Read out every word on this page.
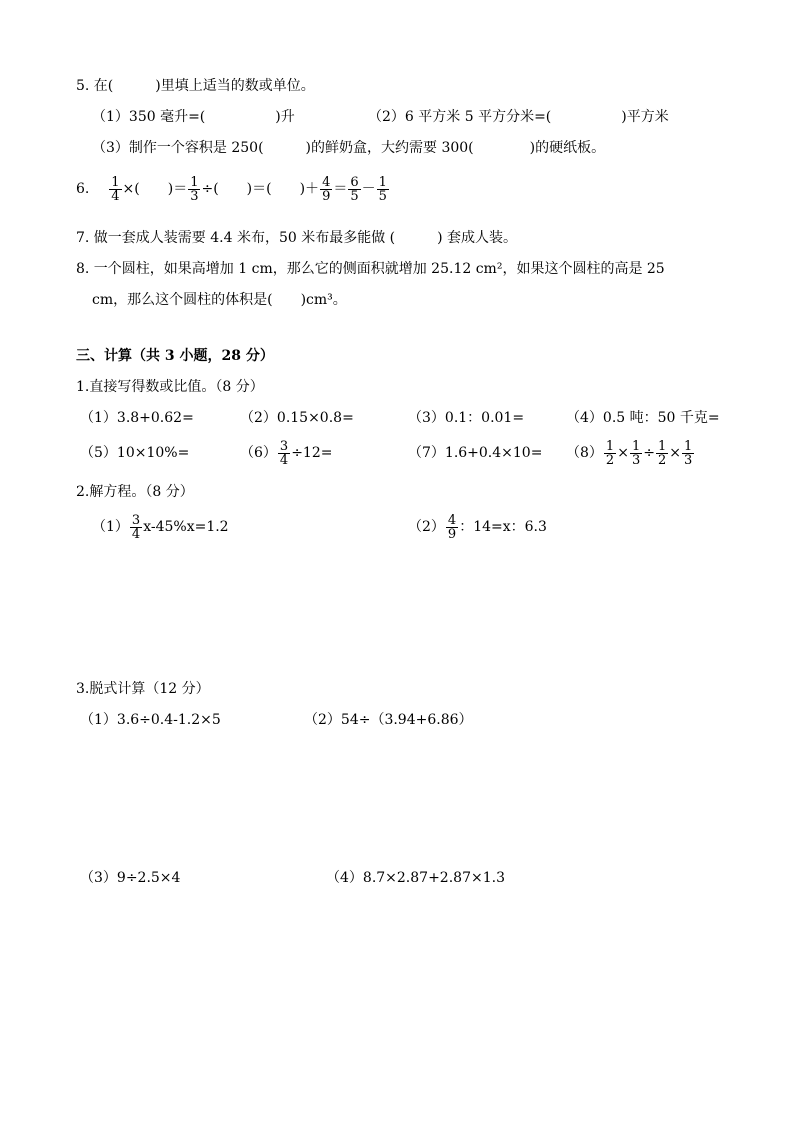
5. 在(　　　)里填上适当的数或单位。
（1）350 毫升=(　　　　　)升	（2）6 平方米 5 平方分米=(　　　　　)平方米
（3）制作一个容积是 250(　　　)的鲜奶盒，大约需要 300(　　　　)的硬纸板。
6. $\frac{1}{4}$ ×(　　)＝ $\frac{1}{3}$ ÷(　　)＝(　　)＋ $\frac{4}{9} = \frac{6}{5} - \frac{1}{5}$
7. 做一套成人装需要 4.4 米布，50 米布最多能做 (　　　) 套成人装。
8. 一个圆柱，如果高增加 1 cm，那么它的侧面积就增加 25.12 cm²，如果这个圆柱的高是 25
cm，那么这个圆柱的体积是(　　)cm³。
三、计算（共 3 小题，28 分）
1.直接写得数或比值。（8 分）
（1）3.8+0.62=	（2）0.15×0.8=	（3）0.1：0.01=	（4）0.5 吨：50 千克=
（5）10×10%=	$(6) \frac{3}{4} \div 12=$	$(7)1.6+0.4\times 10= (8) \frac{1}{2} \times \frac{1}{3} \div \frac{1}{2} \times \frac{1}{3}$
2.解方程。（8 分）
$(1) \frac{3}{4} x-45\%x=1.2$	$(2) \frac{4}{9}$ ：14=x：6.3
3.脱式计算（12 分）
（1）3.6÷0.4-1.2×5	（2）54÷（3.94+6.86）
（3）9÷2.5×4	（4）8.7×2.87+2.87×1.3
